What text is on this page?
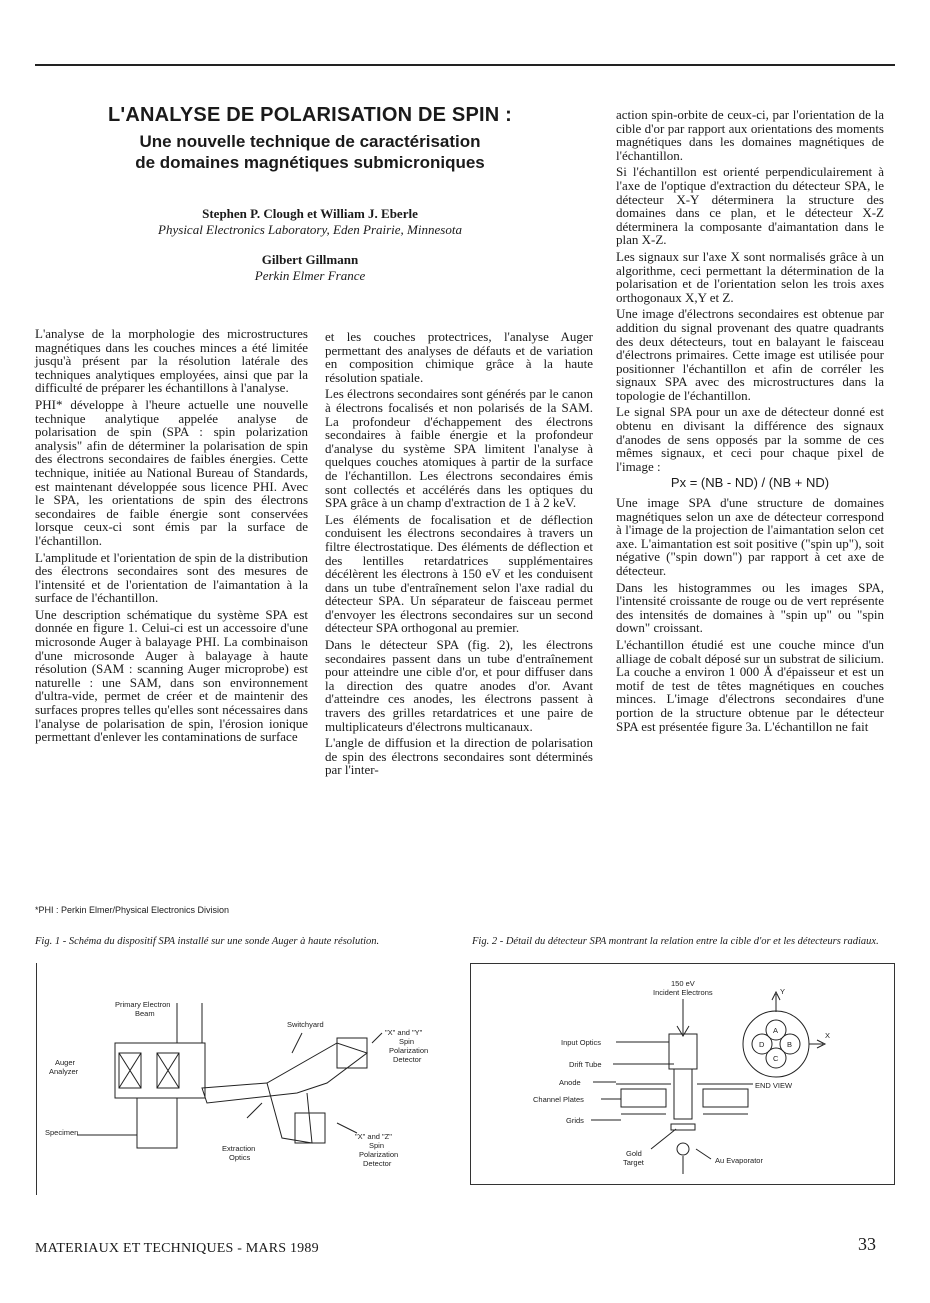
L'ANALYSE DE POLARISATION DE SPIN :
Une nouvelle technique de caractérisation
de domaines magnétiques submicroniques
Stephen P. Clough et William J. Eberle
Physical Electronics Laboratory, Eden Prairie, Minnesota
Gilbert Gillmann
Perkin Elmer France

L'analyse de la morphologie des microstructures magnétiques dans les couches minces a été limitée jusqu'à présent par la résolution latérale des techniques analytiques employées, ainsi que par la difficulté de préparer les échantillons à l'analyse.

PHI* développe à l'heure actuelle une nouvelle technique analytique appelée analyse de polarisation de spin (SPA : spin polarization analysis" afin de déterminer la polarisation de spin des électrons secondaires de faibles énergies. Cette technique, initiée au National Bureau of Standards, est maintenant développée sous licence PHI. Avec le SPA, les orientations de spin des électrons secondaires de faible énergie sont conservées lorsque ceux-ci sont émis par la surface de l'échantillon.

L'amplitude et l'orientation de spin de la distribution des électrons secondaires sont des mesures de l'intensité et de l'orientation de l'aimantation à la surface de l'échantillon.

Une description schématique du système SPA est donnée en figure 1. Celui-ci est un accessoire d'une microsonde Auger à balayage PHI. La combinaison d'une microsonde Auger à balayage à haute résolution (SAM : scanning Auger microprobe) est naturelle : une SAM, dans son environnement d'ultra-vide, permet de créer et de maintenir des surfaces propres telles qu'elles sont nécessaires dans l'analyse de polarisation de spin, l'érosion ionique permettant d'enlever les contaminations de surface

*PHI : Perkin Elmer/Physical Electronics Division

et les couches protectrices, l'analyse Auger permettant des analyses de défauts et de variation en composition chimique grâce à la haute résolution spatiale.

Les électrons secondaires sont générés par le canon à électrons focalisés et non polarisés de la SAM. La profondeur d'échappement des électrons secondaires à faible énergie et la profondeur d'analyse du système SPA limitent l'analyse à quelques couches atomiques à partir de la surface de l'échantillon. Les électrons secondaires émis sont collectés et accélérés dans les optiques du SPA grâce à un champ d'extraction de 1 à 2 keV.

Les éléments de focalisation et de déflection conduisent les électrons secondaires à travers un filtre électrostatique. Des éléments de déflection et des lentilles retardatrices supplémentaires décélèrent les électrons à 150 eV et les conduisent dans un tube d'entraînement selon l'axe radial du détecteur SPA. Un séparateur de faisceau permet d'envoyer les électrons secondaires sur un second détecteur SPA orthogonal au premier.

Dans le détecteur SPA (fig. 2), les électrons secondaires passent dans un tube d'entraînement pour atteindre une cible d'or, et pour diffuser dans la direction des quatre anodes d'or. Avant d'atteindre ces anodes, les électrons passent à travers des grilles retardatrices et une paire de multiplicateurs d'électrons multicanaux.

L'angle de diffusion et la direction de polarisation de spin des électrons secondaires sont déterminés par l'inter-

action spin-orbite de ceux-ci, par l'orientation de la cible d'or par rapport aux orientations des moments magnétiques dans les domaines magnétiques de l'échantillon.

Si l'échantillon est orienté perpendiculairement à l'axe de l'optique d'extraction du détecteur SPA, le détecteur X-Y déterminera la structure des domaines dans ce plan, et le détecteur X-Z déterminera la composante d'aimantation dans le plan X-Z.

Les signaux sur l'axe X sont normalisés grâce à un algorithme, ceci permettant la détermination de la polarisation et de l'orientation selon les trois axes orthogonaux X,Y et Z.

Une image d'électrons secondaires est obtenue par addition du signal provenant des quatre quadrants des deux détecteurs, tout en balayant le faisceau d'électrons primaires. Cette image est utilisée pour positionner l'échantillon et afin de corréler les signaux SPA avec des microstructures dans la topologie de l'échantillon.

Le signal SPA pour un axe de détecteur donné est obtenu en divisant la différence des signaux d'anodes de sens opposés par la somme de ces mêmes signaux, et ceci pour chaque pixel de l'image :

Px = (NB - ND) / (NB + ND)

Une image SPA d'une structure de domaines magnétiques selon un axe de détecteur correspond à l'image de la projection de l'aimantation selon cet axe. L'aimantation est soit positive ("spin up"), soit négative ("spin down") par rapport à cet axe de détecteur.

Dans les histogrammes ou les images SPA, l'intensité croissante de rouge ou de vert représente des intensités de domaines à "spin up" ou "spin down" croissant.

L'échantillon étudié est une couche mince d'un alliage de cobalt déposé sur un substrat de silicium. La couche a environ 1 000 Å d'épaisseur et est un motif de test de têtes magnétiques en couches minces. L'image d'électrons secondaires d'une portion de la structure obtenue par le détecteur SPA est présentée figure 3a. L'échantillon ne fait

Fig. 1 - Schéma du dispositif SPA installé sur une sonde Auger à haute résolution.	Fig. 2 - Détail du détecteur SPA montrant la relation entre la cible d'or et les détecteurs radiaux.
Primary Electron
Beam
Auger
Analyzer
Switchyard
"X" and "Y"
Spin
Polarization
Detector
Specimen
Extraction
Optics
"X" and "Z"
Spin
Polarization
Detector
150 eV
Incident Electrons
Input Optics
Drift Tube
Anode
Channel Plates
Grids
Gold
Target	Au Evaporator
Y
X
A
B
C
D
END VIEW
MATERIAUX ET TECHNIQUES - MARS 1989	33
